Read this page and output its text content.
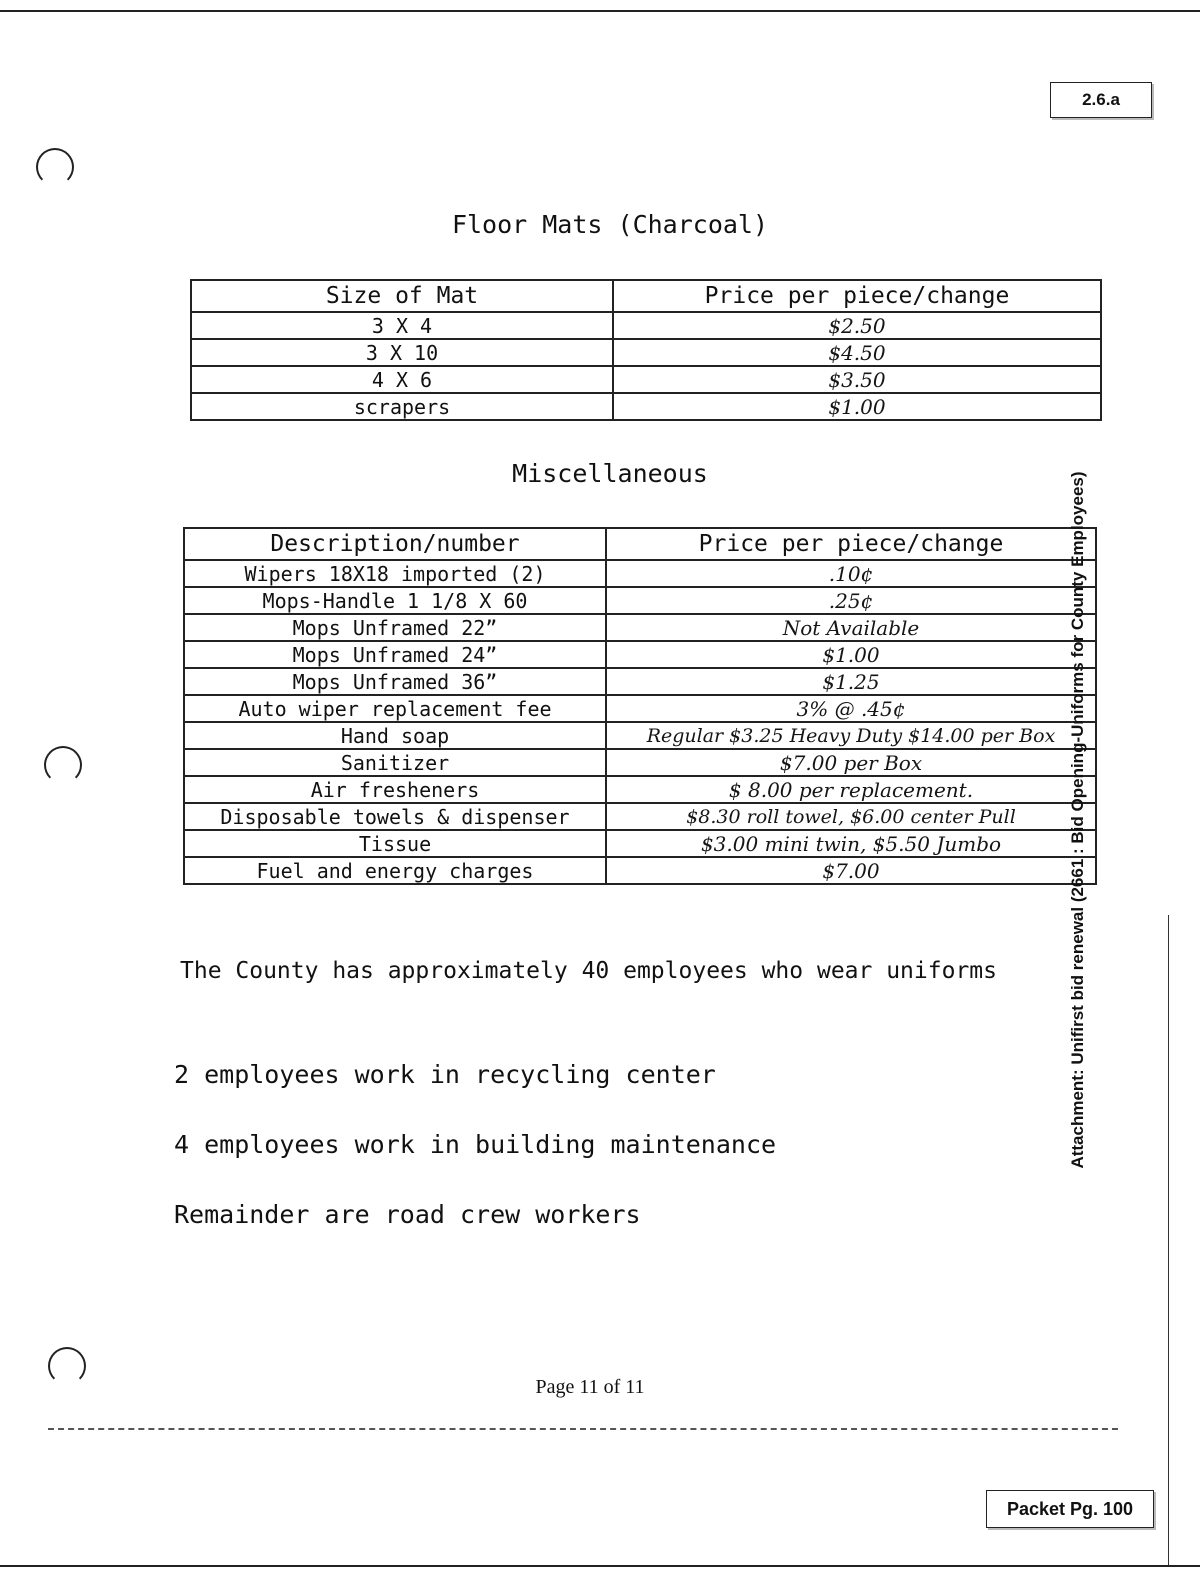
2.6.a
Floor Mats (Charcoal)
Size of Mat	Price per piece/change
3 X 4	$2.50
3 X 10	$4.50
4 X 6	$3.50
scrapers	$1.00
Miscellaneous
Description/number	Price per piece/change
Wipers 18X18 imported (2)	.10¢
Mops-Handle 1 1/8 X 60	.25¢
Mops Unframed 22”	Not Available
Mops Unframed 24”	$1.00
Mops Unframed 36”	$1.25
Auto wiper replacement fee	3% @ .45¢
Hand soap	Regular $3.25 Heavy Duty $14.00 per Box
Sanitizer	$7.00 per Box
Air fresheners	$ 8.00 per replacement.
Disposable towels & dispenser	$8.30 roll towel, $6.00 center Pull
Tissue	$3.00 mini twin, $5.50 Jumbo
Fuel and energy charges	$7.00
The County has approximately 40 employees who wear uniforms
2 employees work in recycling center
4 employees work in building maintenance
Remainder are road crew workers
Attachment: Unifirst bid renewal (2661 : Bid Opening-Uniforms for County Employees)
Page 11 of 11
Packet Pg. 100
